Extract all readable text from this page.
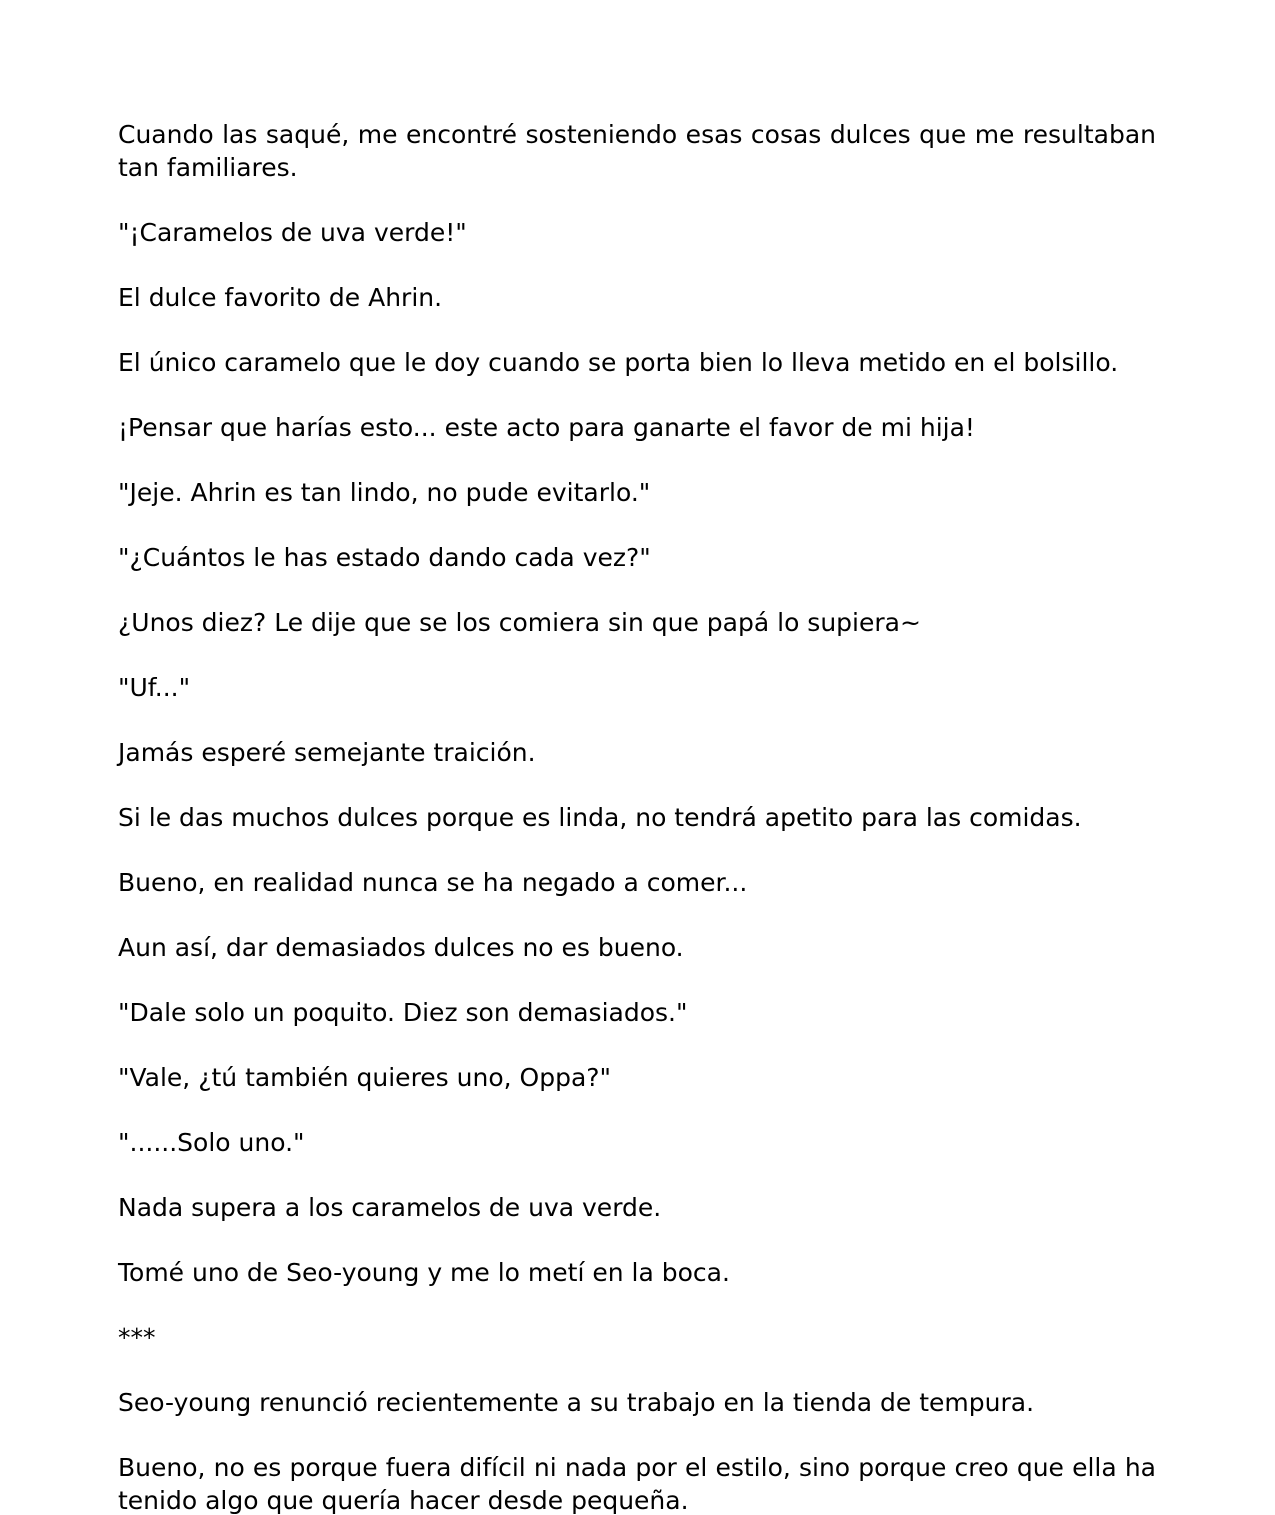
Cuando las saqué, me encontré sosteniendo esas cosas dulces que me resultaban tan familiares.

"¡Caramelos de uva verde!"

El dulce favorito de Ahrin.

El único caramelo que le doy cuando se porta bien lo lleva metido en el bolsillo.

¡Pensar que harías esto... este acto para ganarte el favor de mi hija!

"Jeje. Ahrin es tan lindo, no pude evitarlo."

"¿Cuántos le has estado dando cada vez?"

¿Unos diez? Le dije que se los comiera sin que papá lo supiera~

"Uf..."

Jamás esperé semejante traición.

Si le das muchos dulces porque es linda, no tendrá apetito para las comidas.

Bueno, en realidad nunca se ha negado a comer...

Aun así, dar demasiados dulces no es bueno.

"Dale solo un poquito. Diez son demasiados."

"Vale, ¿tú también quieres uno, Oppa?"

"......Solo uno."

Nada supera a los caramelos de uva verde.

Tomé uno de Seo-young y me lo metí en la boca.

***

Seo-young renunció recientemente a su trabajo en la tienda de tempura.

Bueno, no es porque fuera difícil ni nada por el estilo, sino porque creo que ella ha tenido algo que quería hacer desde pequeña.
